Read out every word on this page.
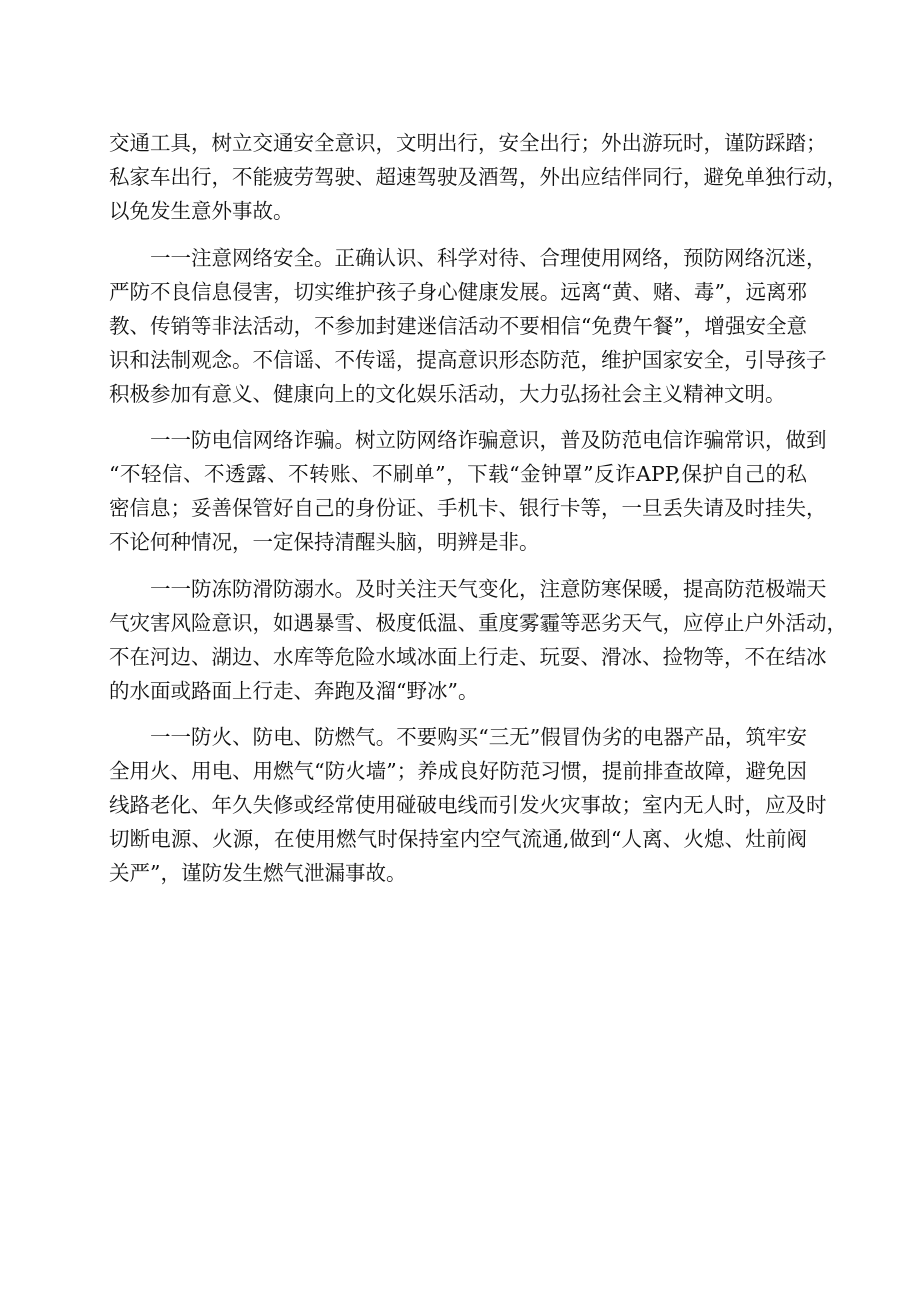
交通工具，树立交通安全意识，文明出行，安全出行；外出游玩时，谨防踩踏；
私家车出行，不能疲劳驾驶、超速驾驶及酒驾，外出应结伴同行，避免单独行动，
以免发生意外事故。
　　一一注意网络安全。正确认识、科学对待、合理使用网络，预防网络沉迷，
严防不良信息侵害，切实维护孩子身心健康发展。远离“黄、赌、毒”，远离邪
教、传销等非法活动，不参加封建迷信活动不要相信“免费午餐”，增强安全意
识和法制观念。不信谣、不传谣，提高意识形态防范，维护国家安全，引导孩子
积极参加有意义、健康向上的文化娱乐活动，大力弘扬社会主义精神文明。
　　一一防电信网络诈骗。树立防网络诈骗意识，普及防范电信诈骗常识，做到
“不轻信、不透露、不转账、不刷单”，下载“金钟罩”反诈APP,保护自己的私
密信息；妥善保管好自己的身份证、手机卡、银行卡等，一旦丢失请及时挂失，
不论何种情况，一定保持清醒头脑，明辨是非。
　　一一防冻防滑防溺水。及时关注天气变化，注意防寒保暖，提高防范极端天
气灾害风险意识，如遇暴雪、极度低温、重度雾霾等恶劣天气，应停止户外活动，
不在河边、湖边、水库等危险水域冰面上行走、玩耍、滑冰、捡物等，不在结冰
的水面或路面上行走、奔跑及溜“野冰”。
　　一一防火、防电、防燃气。不要购买“三无”假冒伪劣的电器产品，筑牢安
全用火、用电、用燃气“防火墙”；养成良好防范习惯，提前排查故障，避免因
线路老化、年久失修或经常使用碰破电线而引发火灾事故；室内无人时，应及时
切断电源、火源，在使用燃气时保持室内空气流通,做到“人离、火熄、灶前阀
关严”，谨防发生燃气泄漏事故。
